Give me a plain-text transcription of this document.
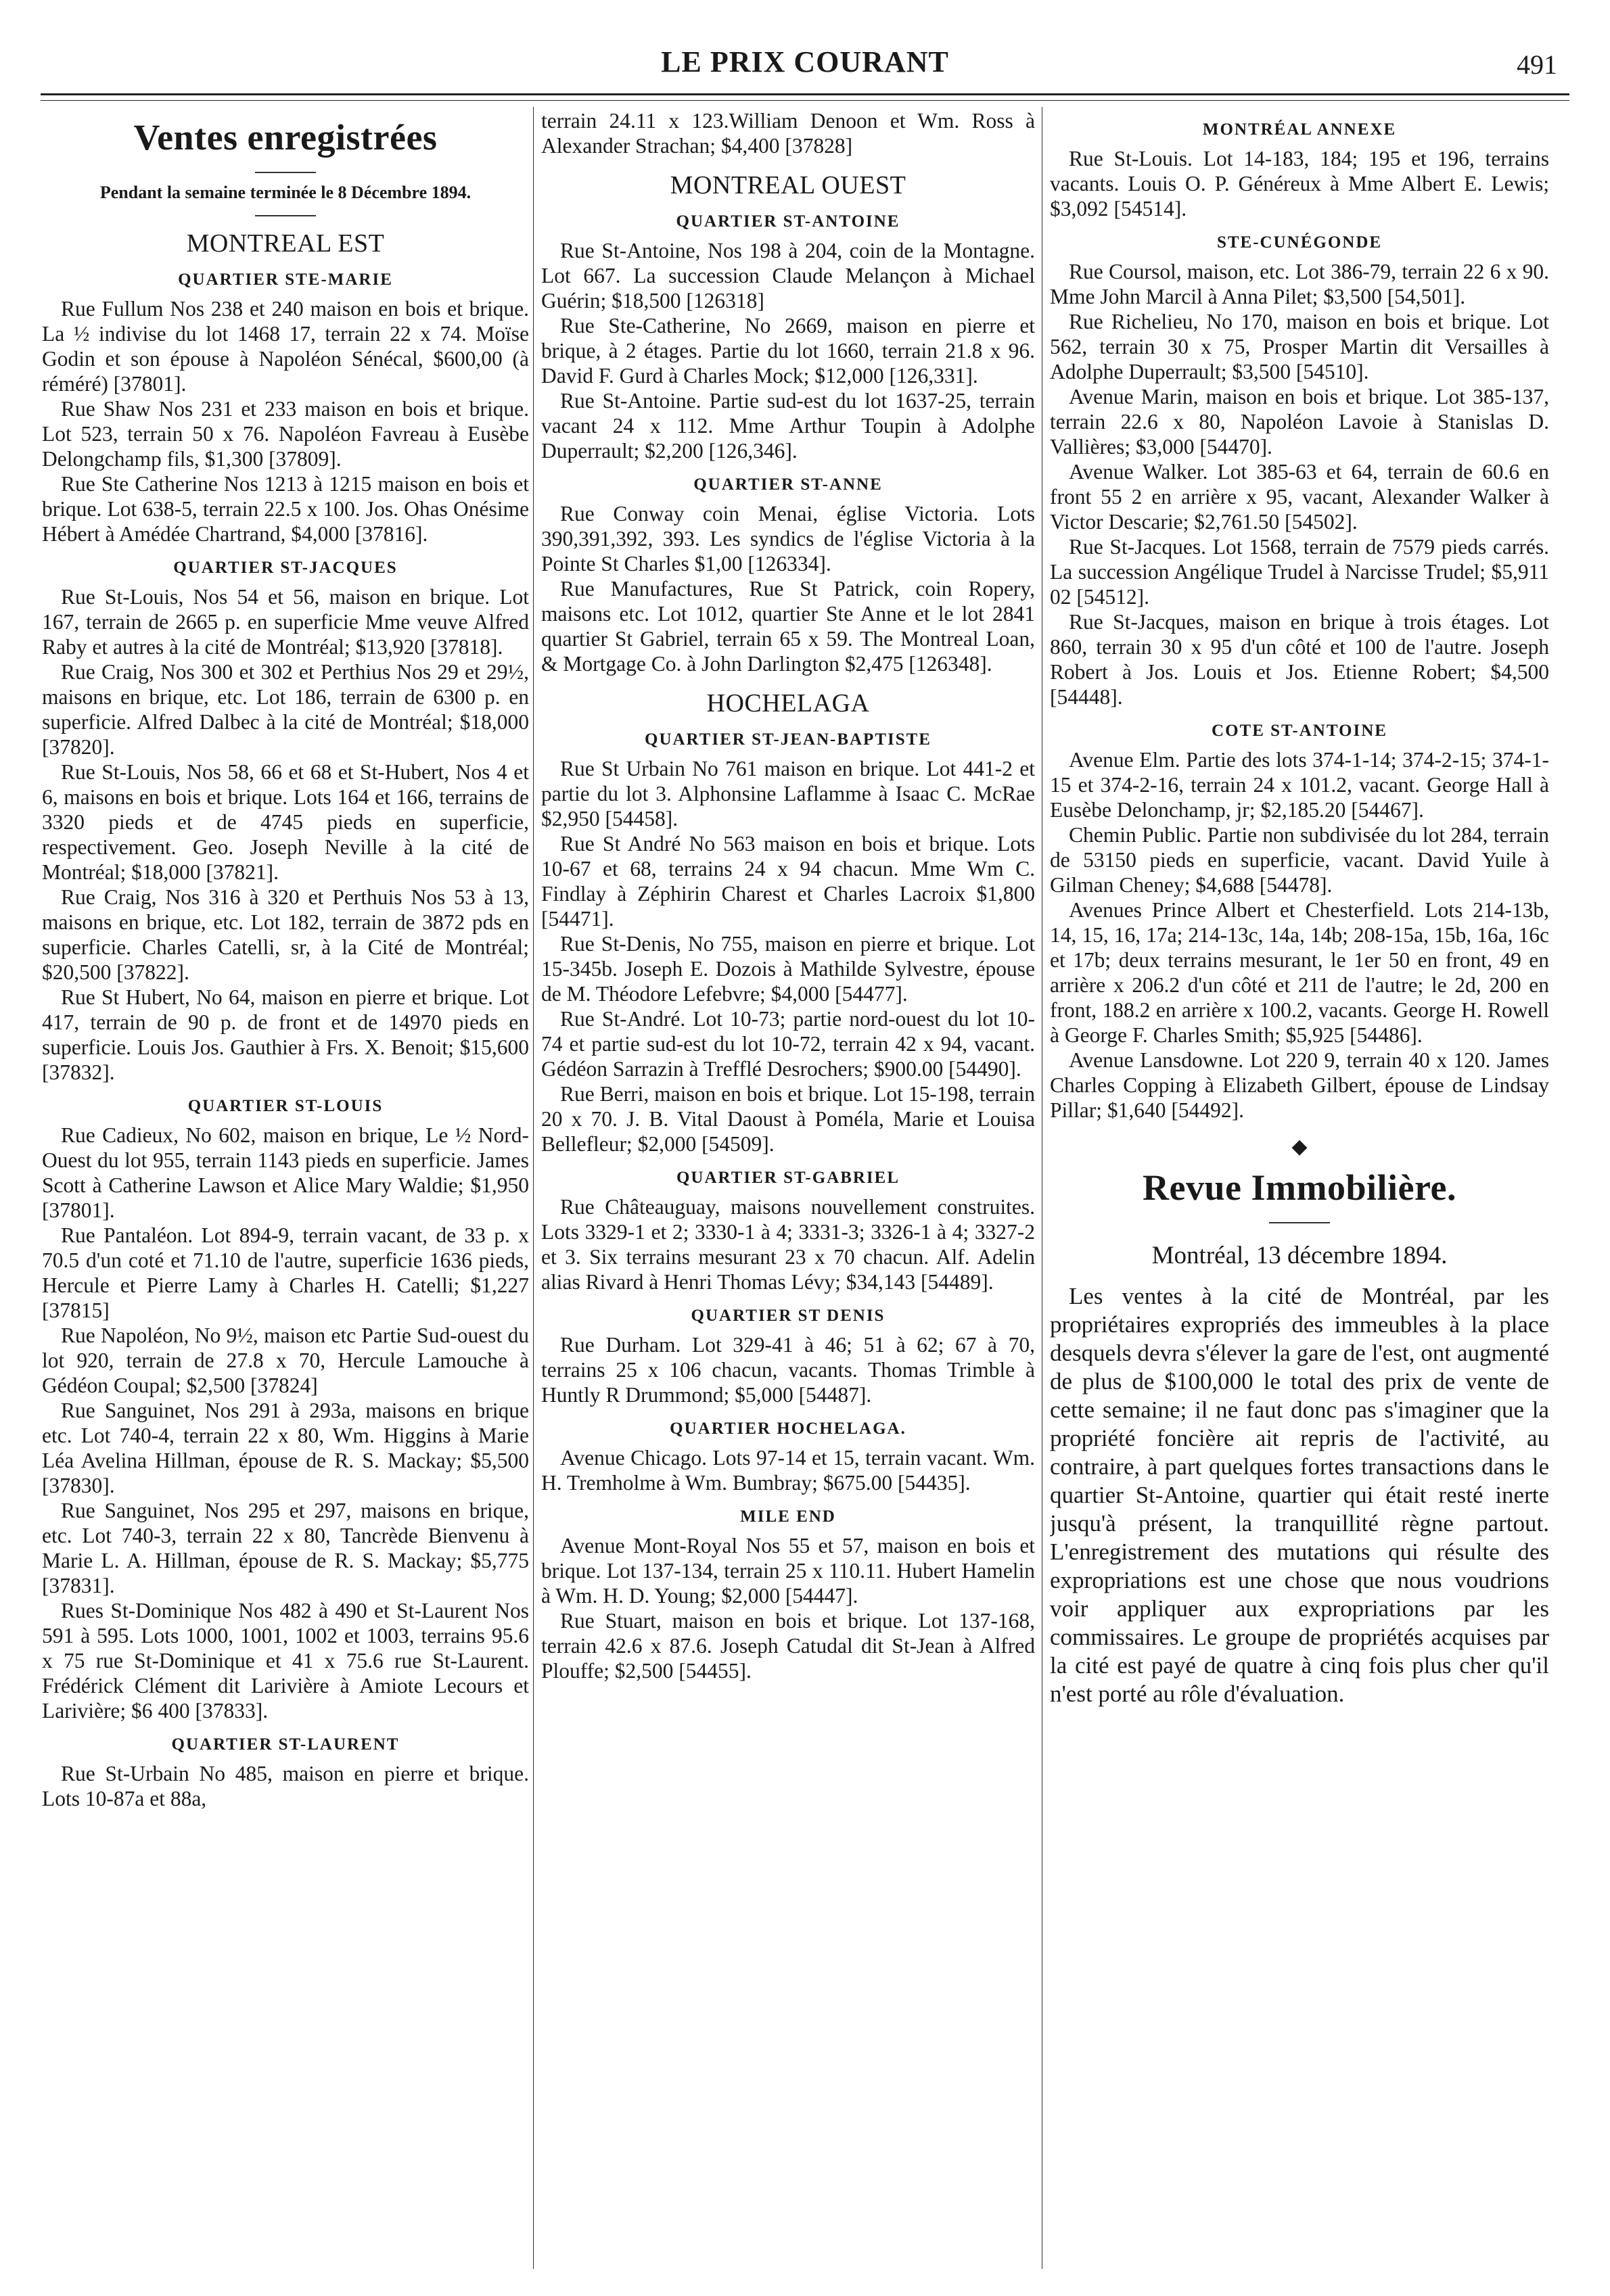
LE PRIX COURANT	491
Ventes enregistrées
Pendant la semaine terminée le 8 Décembre 1894.
MONTREAL EST
QUARTIER STE-MARIE

Rue Fullum Nos 238 et 240 maison en bois et brique. La ½ indivise du lot 1468 17, terrain 22 x 74. Moïse Godin et son épouse à Napoléon Sénécal, $600,00 (à réméré) [37801].

Rue Shaw Nos 231 et 233 maison en bois et brique. Lot 523, terrain 50 x 76. Napoléon Favreau à Eusèbe Delongchamp fils, $1,300 [37809].

Rue Ste Catherine Nos 1213 à 1215 maison en bois et brique. Lot 638-5, terrain 22.5 x 100. Jos. Ohas Onésime Hébert à Amédée Chartrand, $4,000 [37816].

QUARTIER ST-JACQUES

Rue St-Louis, Nos 54 et 56, maison en brique. Lot 167, terrain de 2665 p. en superficie Mme veuve Alfred Raby et autres à la cité de Montréal; $13,920 [37818].

Rue Craig, Nos 300 et 302 et Perthius Nos 29 et 29½, maisons en brique, etc. Lot 186, terrain de 6300 p. en superficie. Alfred Dalbec à la cité de Montréal; $18,000 [37820].

Rue St-Louis, Nos 58, 66 et 68 et St-Hubert, Nos 4 et 6, maisons en bois et brique. Lots 164 et 166, terrains de 3320 pieds et de 4745 pieds en superficie, respectivement. Geo. Joseph Neville à la cité de Montréal; $18,000 [37821].

Rue Craig, Nos 316 à 320 et Perthuis Nos 53 à 13, maisons en brique, etc. Lot 182, terrain de 3872 pds en superficie. Charles Catelli, sr, à la Cité de Montréal; $20,500 [37822].

Rue St Hubert, No 64, maison en pierre et brique. Lot 417, terrain de 90 p. de front et de 14970 pieds en superficie. Louis Jos. Gauthier à Frs. X. Benoit; $15,600 [37832].

QUARTIER ST-LOUIS

Rue Cadieux, No 602, maison en brique, Le ½ Nord-Ouest du lot 955, terrain 1143 pieds en superficie. James Scott à Catherine Lawson et Alice Mary Waldie; $1,950 [37801].

Rue Pantaléon. Lot 894-9, terrain vacant, de 33 p. x 70.5 d'un coté et 71.10 de l'autre, superficie 1636 pieds, Hercule et Pierre Lamy à Charles H. Catelli; $1,227 [37815]

Rue Napoléon, No 9½, maison etc Partie Sud-ouest du lot 920, terrain de 27.8 x 70, Hercule Lamouche à Gédéon Coupal; $2,500 [37824]

Rue Sanguinet, Nos 291 à 293a, maisons en brique etc. Lot 740-4, terrain 22 x 80, Wm. Higgins à Marie Léa Avelina Hillman, épouse de R. S. Mackay; $5,500 [37830].

Rue Sanguinet, Nos 295 et 297, maisons en brique, etc. Lot 740-3, terrain 22 x 80, Tancrède Bienvenu à Marie L. A. Hillman, épouse de R. S. Mackay; $5,775 [37831].

Rues St-Dominique Nos 482 à 490 et St-Laurent Nos 591 à 595. Lots 1000, 1001, 1002 et 1003, terrains 95.6 x 75 rue St-Dominique et 41 x 75.6 rue St-Laurent. Frédérick Clément dit Larivière à Amiote Lecours et Larivière; $6 400 [37833].

QUARTIER ST-LAURENT

Rue St-Urbain No 485, maison en pierre et brique. Lots 10-87a et 88a,

terrain 24.11 x 123.William Denoon et Wm. Ross à Alexander Strachan; $4,400 [37828]

MONTREAL OUEST
QUARTIER ST-ANTOINE

Rue St-Antoine, Nos 198 à 204, coin de la Montagne. Lot 667. La succession Claude Melançon à Michael Guérin; $18,500 [126318]

Rue Ste-Catherine, No 2669, maison en pierre et brique, à 2 étages. Partie du lot 1660, terrain 21.8 x 96. David F. Gurd à Charles Mock; $12,000 [126,331].

Rue St-Antoine. Partie sud-est du lot 1637-25, terrain vacant 24 x 112. Mme Arthur Toupin à Adolphe Duperrault; $2,200 [126,346].

QUARTIER ST-ANNE

Rue Conway coin Menai, église Victoria. Lots 390,391,392, 393. Les syndics de l'église Victoria à la Pointe St Charles $1,00 [126334].

Rue Manufactures, Rue St Patrick, coin Ropery, maisons etc. Lot 1012, quartier Ste Anne et le lot 2841 quartier St Gabriel, terrain 65 x 59. The Montreal Loan, & Mortgage Co. à John Darlington $2,475 [126348].

HOCHELAGA
QUARTIER ST-JEAN-BAPTISTE

Rue St Urbain No 761 maison en brique. Lot 441-2 et partie du lot 3. Alphonsine Laflamme à Isaac C. McRae $2,950 [54458].

Rue St André No 563 maison en bois et brique. Lots 10-67 et 68, terrains 24 x 94 chacun. Mme Wm C. Findlay à Zéphirin Charest et Charles Lacroix $1,800 [54471].

Rue St-Denis, No 755, maison en pierre et brique. Lot 15-345b. Joseph E. Dozois à Mathilde Sylvestre, épouse de M. Théodore Lefebvre; $4,000 [54477].

Rue St-André. Lot 10-73; partie nord-ouest du lot 10-74 et partie sud-est du lot 10-72, terrain 42 x 94, vacant. Gédéon Sarrazin à Trefflé Desrochers; $900.00 [54490].

Rue Berri, maison en bois et brique. Lot 15-198, terrain 20 x 70. J. B. Vital Daoust à Poméla, Marie et Louisa Bellefleur; $2,000 [54509].

QUARTIER ST-GABRIEL

Rue Châteauguay, maisons nouvellement construites. Lots 3329-1 et 2; 3330-1 à 4; 3331-3; 3326-1 à 4; 3327-2 et 3. Six terrains mesurant 23 x 70 chacun. Alf. Adelin alias Rivard à Henri Thomas Lévy; $34,143 [54489].

QUARTIER ST DENIS

Rue Durham. Lot 329-41 à 46; 51 à 62; 67 à 70, terrains 25 x 106 chacun, vacants. Thomas Trimble à Huntly R Drummond; $5,000 [54487].

QUARTIER HOCHELAGA.

Avenue Chicago. Lots 97-14 et 15, terrain vacant. Wm. H. Tremholme à Wm. Bumbray; $675.00 [54435].

MILE END

Avenue Mont-Royal Nos 55 et 57, maison en bois et brique. Lot 137-134, terrain 25 x 110.11. Hubert Hamelin à Wm. H. D. Young; $2,000 [54447].

Rue Stuart, maison en bois et brique. Lot 137-168, terrain 42.6 x 87.6. Joseph Catudal dit St-Jean à Alfred Plouffe; $2,500 [54455].

MONTRÉAL ANNEXE

Rue St-Louis. Lot 14-183, 184; 195 et 196, terrains vacants. Louis O. P. Généreux à Mme Albert E. Lewis; $3,092 [54514].

STE-CUNÉGONDE

Rue Coursol, maison, etc. Lot 386-79, terrain 22 6 x 90. Mme John Marcil à Anna Pilet; $3,500 [54,501].

Rue Richelieu, No 170, maison en bois et brique. Lot 562, terrain 30 x 75, Prosper Martin dit Versailles à Adolphe Duperrault; $3,500 [54510].

Avenue Marin, maison en bois et brique. Lot 385-137, terrain 22.6 x 80, Napoléon Lavoie à Stanislas D. Vallières; $3,000 [54470].

Avenue Walker. Lot 385-63 et 64, terrain de 60.6 en front 55 2 en arrière x 95, vacant, Alexander Walker à Victor Descarie; $2,761.50 [54502].

Rue St-Jacques. Lot 1568, terrain de 7579 pieds carrés. La succession Angélique Trudel à Narcisse Trudel; $5,911 02 [54512].

Rue St-Jacques, maison en brique à trois étages. Lot 860, terrain 30 x 95 d'un côté et 100 de l'autre. Joseph Robert à Jos. Louis et Jos. Etienne Robert; $4,500 [54448].

COTE ST-ANTOINE

Avenue Elm. Partie des lots 374-1-14; 374-2-15; 374-1-15 et 374-2-16, terrain 24 x 101.2, vacant. George Hall à Eusèbe Delonchamp, jr; $2,185.20 [54467].

Chemin Public. Partie non subdivisée du lot 284, terrain de 53150 pieds en superficie, vacant. David Yuile à Gilman Cheney; $4,688 [54478].

Avenues Prince Albert et Chesterfield. Lots 214-13b, 14, 15, 16, 17a; 214-13c, 14a, 14b; 208-15a, 15b, 16a, 16c et 17b; deux terrains mesurant, le 1er 50 en front, 49 en arrière x 206.2 d'un côté et 211 de l'autre; le 2d, 200 en front, 188.2 en arrière x 100.2, vacants. George H. Rowell à George F. Charles Smith; $5,925 [54486].

Avenue Lansdowne. Lot 220 9, terrain 40 x 120. James Charles Copping à Elizabeth Gilbert, épouse de Lindsay Pillar; $1,640 [54492].

◆
Revue Immobilière.
Montréal, 13 décembre 1894.

Les ventes à la cité de Montréal, par les propriétaires expropriés des immeubles à la place desquels devra s'élever la gare de l'est, ont augmenté de plus de $100,000 le total des prix de vente de cette semaine; il ne faut donc pas s'imaginer que la propriété foncière ait repris de l'activité, au contraire, à part quelques fortes transactions dans le quartier St-Antoine, quartier qui était resté inerte jusqu'à présent, la tranquillité règne partout. L'enregistrement des mutations qui résulte des expropriations est une chose que nous voudrions voir appliquer aux expropriations par les commissaires. Le groupe de propriétés acquises par la cité est payé de quatre à cinq fois plus cher qu'il n'est porté au rôle d'évaluation.
